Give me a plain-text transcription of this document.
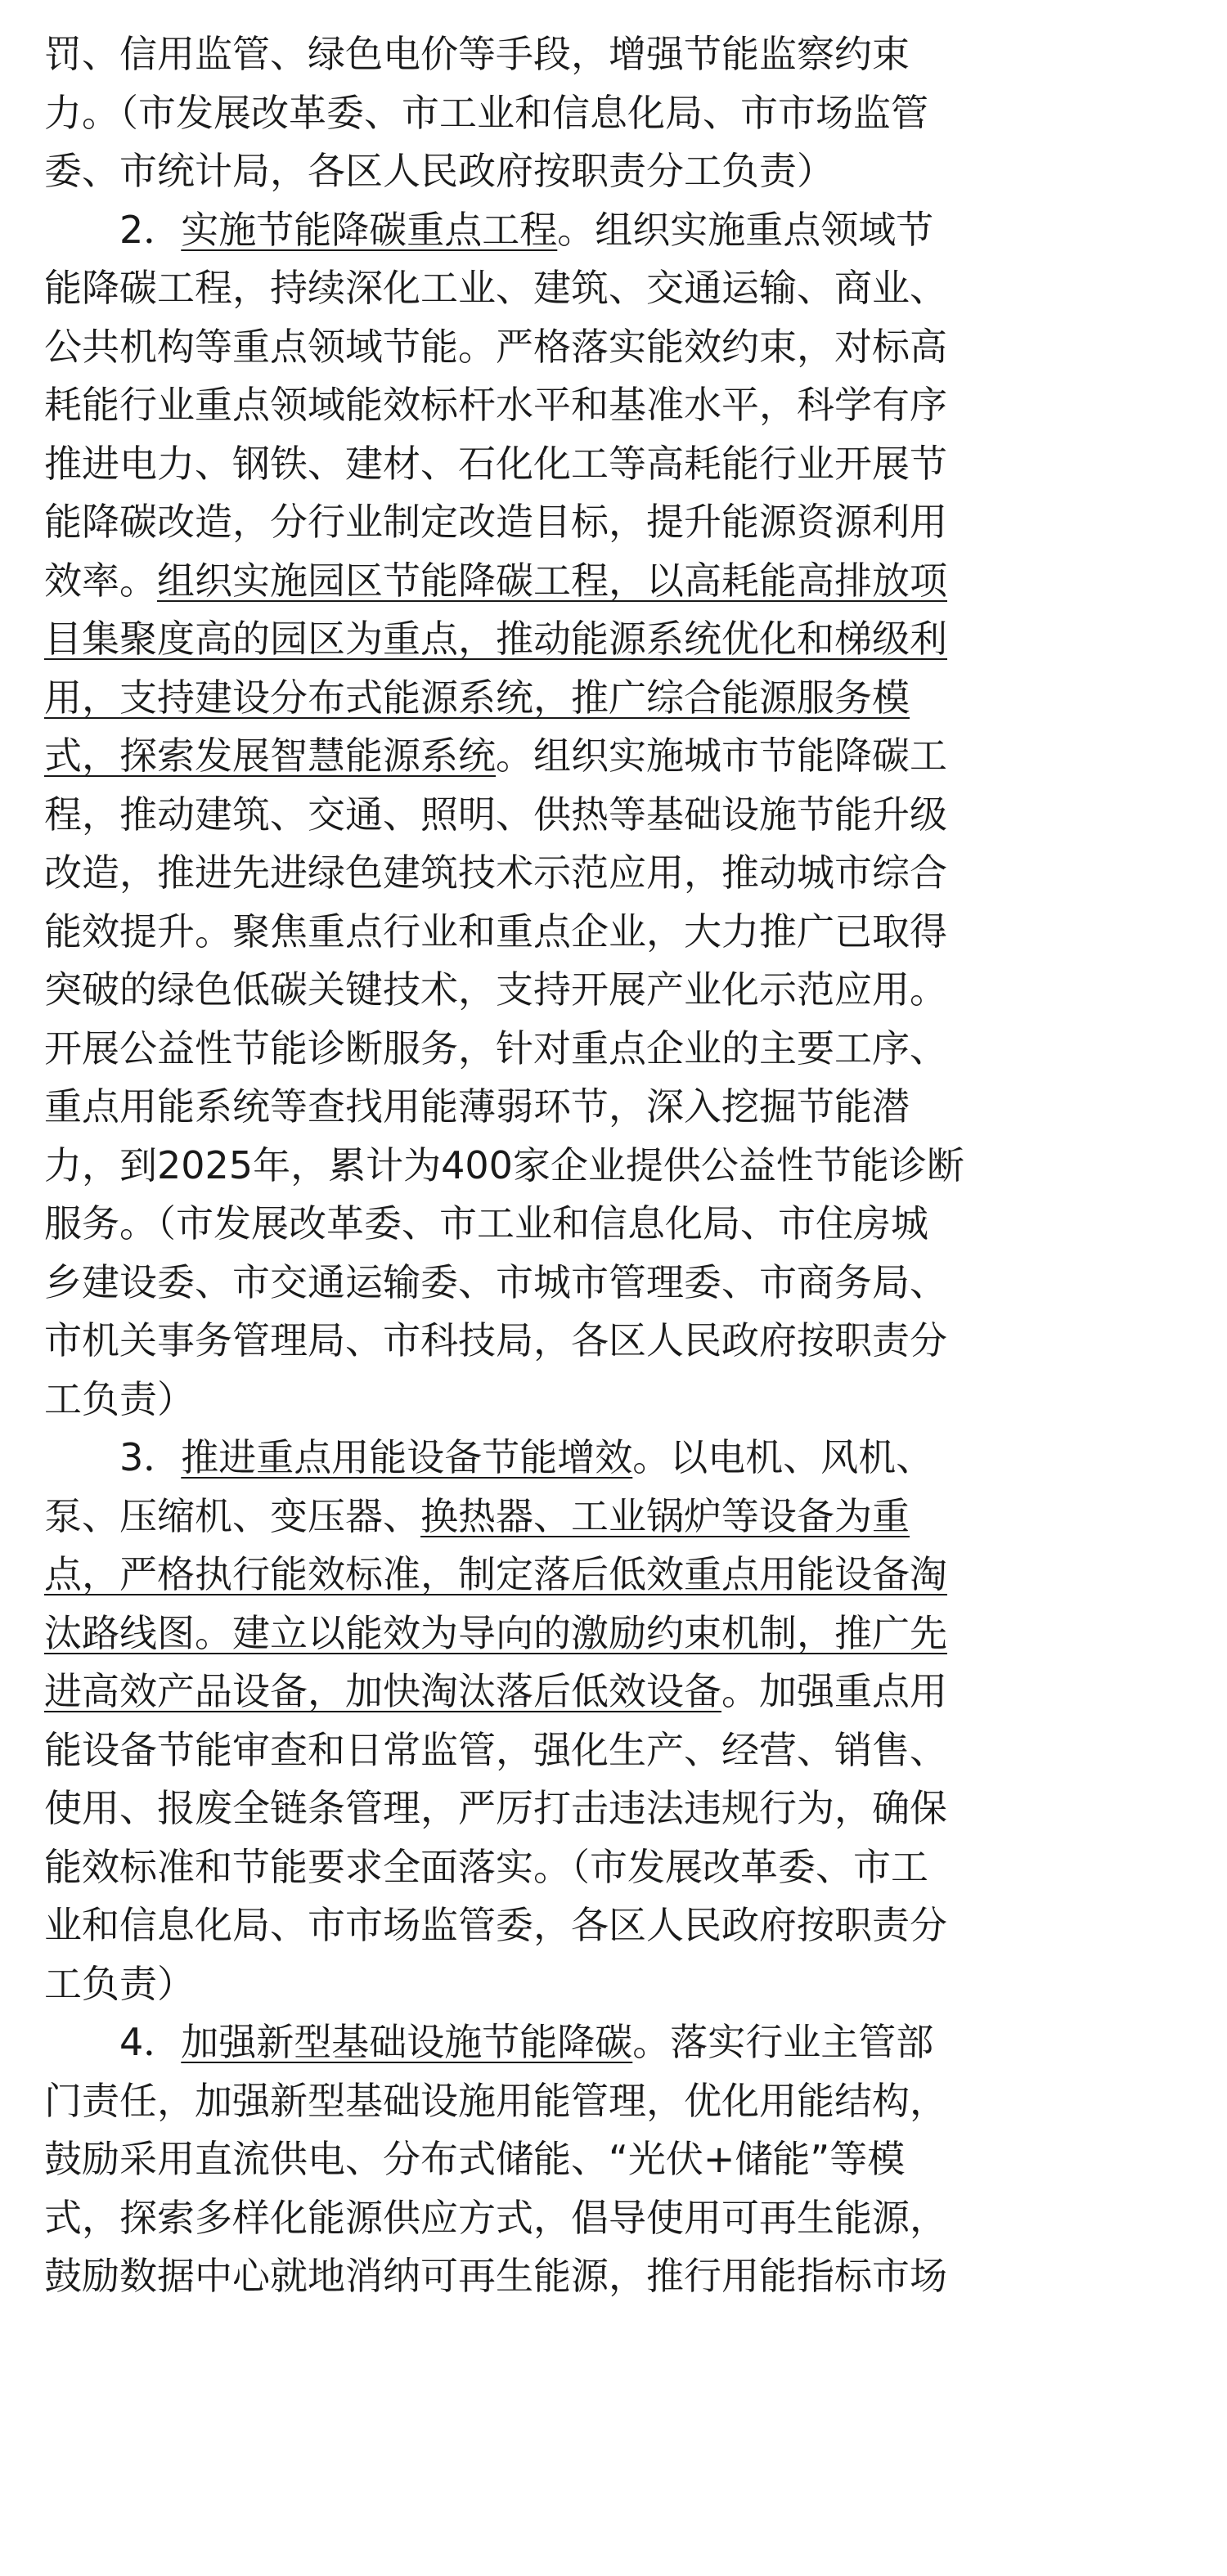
罚、信用监管、绿色电价等手段，增强节能监察约束
力。（市发展改革委、市工业和信息化局、市市场监管
委、市统计局，各区人民政府按职责分工负责）
2．实施节能降碳重点工程。组织实施重点领域节
能降碳工程，持续深化工业、建筑、交通运输、商业、
公共机构等重点领域节能。严格落实能效约束，对标高
耗能行业重点领域能效标杆水平和基准水平，科学有序
推进电力、钢铁、建材、石化化工等高耗能行业开展节
能降碳改造，分行业制定改造目标，提升能源资源利用
效率。组织实施园区节能降碳工程，以高耗能高排放项
目集聚度高的园区为重点，推动能源系统优化和梯级利
用，支持建设分布式能源系统，推广综合能源服务模
式，探索发展智慧能源系统。组织实施城市节能降碳工
程，推动建筑、交通、照明、供热等基础设施节能升级
改造，推进先进绿色建筑技术示范应用，推动城市综合
能效提升。聚焦重点行业和重点企业，大力推广已取得
突破的绿色低碳关键技术，支持开展产业化示范应用。
开展公益性节能诊断服务，针对重点企业的主要工序、
重点用能系统等查找用能薄弱环节，深入挖掘节能潜
力，到2025年，累计为400家企业提供公益性节能诊断
服务。（市发展改革委、市工业和信息化局、市住房城
乡建设委、市交通运输委、市城市管理委、市商务局、
市机关事务管理局、市科技局，各区人民政府按职责分
工负责）
3．推进重点用能设备节能增效。以电机、风机、
泵、压缩机、变压器、换热器、工业锅炉等设备为重
点，严格执行能效标准，制定落后低效重点用能设备淘
汰路线图。建立以能效为导向的激励约束机制，推广先
进高效产品设备，加快淘汰落后低效设备。加强重点用
能设备节能审查和日常监管，强化生产、经营、销售、
使用、报废全链条管理，严厉打击违法违规行为，确保
能效标准和节能要求全面落实。（市发展改革委、市工
业和信息化局、市市场监管委，各区人民政府按职责分
工负责）
4．加强新型基础设施节能降碳。落实行业主管部
门责任，加强新型基础设施用能管理，优化用能结构，
鼓励采用直流供电、分布式储能、“光伏+储能”等模
式，探索多样化能源供应方式，倡导使用可再生能源，
鼓励数据中心就地消纳可再生能源，推行用能指标市场
